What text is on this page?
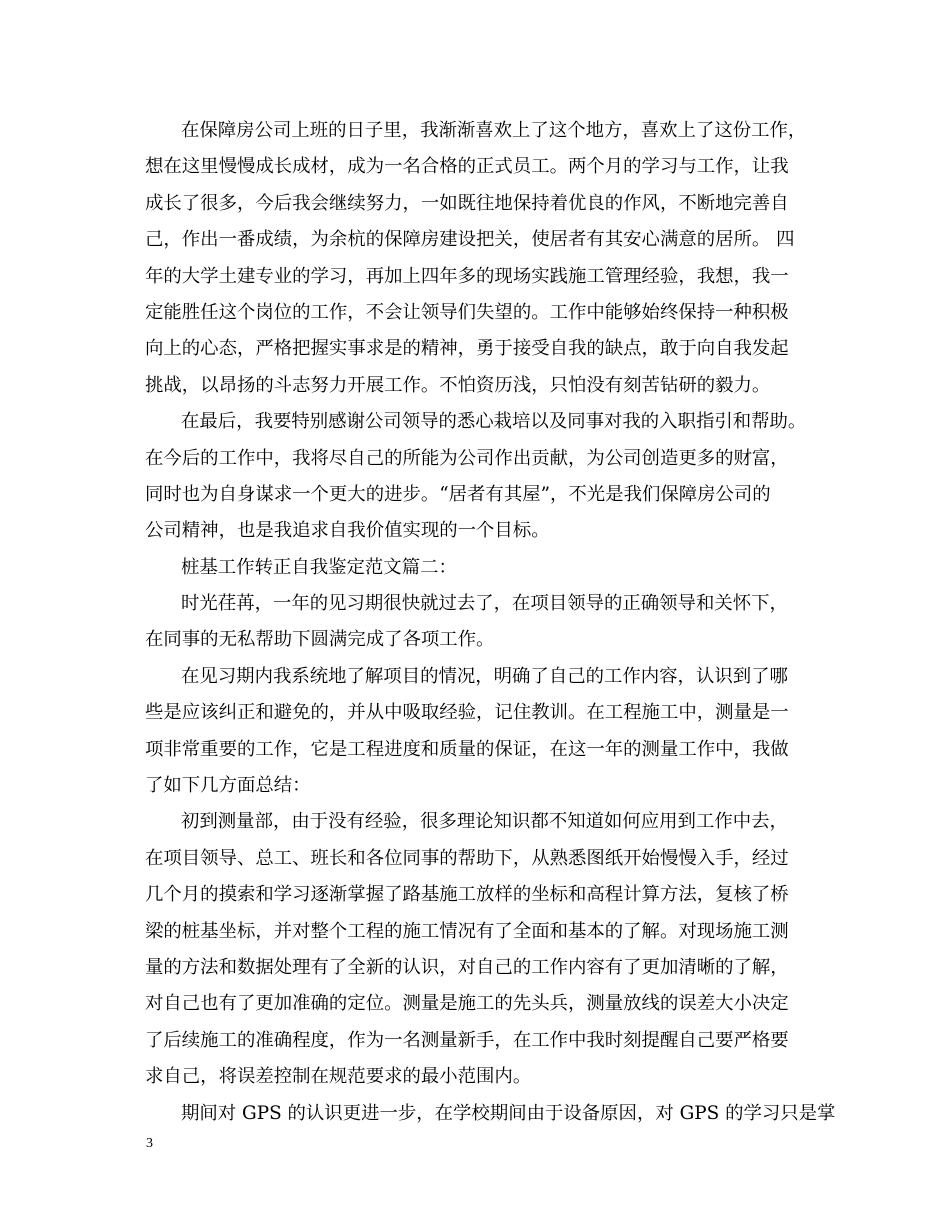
在保障房公司上班的日子里，我渐渐喜欢上了这个地方，喜欢上了这份工作，
想在这里慢慢成长成材，成为一名合格的正式员工。两个月的学习与工作，让我
成长了很多，今后我会继续努力，一如既往地保持着优良的作风，不断地完善自
己，作出一番成绩，为余杭的保障房建设把关，使居者有其安心满意的居所。 四
年的大学土建专业的学习，再加上四年多的现场实践施工管理经验，我想，我一
定能胜任这个岗位的工作，不会让领导们失望的。工作中能够始终保持一种积极
向上的心态，严格把握实事求是的精神，勇于接受自我的缺点，敢于向自我发起
挑战，以昂扬的斗志努力开展工作。不怕资历浅，只怕没有刻苦钻研的毅力。
在最后，我要特别感谢公司领导的悉心栽培以及同事对我的入职指引和帮助。
在今后的工作中，我将尽自己的所能为公司作出贡献，为公司创造更多的财富，
同时也为自身谋求一个更大的进步。“居者有其屋”，不光是我们保障房公司的
公司精神，也是我追求自我价值实现的一个目标。
桩基工作转正自我鉴定范文篇二：
时光荏苒，一年的见习期很快就过去了，在项目领导的正确领导和关怀下，
在同事的无私帮助下圆满完成了各项工作。
在见习期内我系统地了解项目的情况，明确了自己的工作内容，认识到了哪
些是应该纠正和避免的，并从中吸取经验，记住教训。在工程施工中，测量是一
项非常重要的工作，它是工程进度和质量的保证，在这一年的测量工作中，我做
了如下几方面总结：
初到测量部，由于没有经验，很多理论知识都不知道如何应用到工作中去，
在项目领导、总工、班长和各位同事的帮助下，从熟悉图纸开始慢慢入手，经过
几个月的摸索和学习逐渐掌握了路基施工放样的坐标和高程计算方法，复核了桥
梁的桩基坐标，并对整个工程的施工情况有了全面和基本的了解。对现场施工测
量的方法和数据处理有了全新的认识，对自己的工作内容有了更加清晰的了解，
对自己也有了更加准确的定位。测量是施工的先头兵，测量放线的误差大小决定
了后续施工的准确程度，作为一名测量新手，在工作中我时刻提醒自己要严格要
求自己，将误差控制在规范要求的最小范围内。
期间对 GPS 的认识更进一步，在学校期间由于设备原因，对 GPS 的学习只是掌
3
